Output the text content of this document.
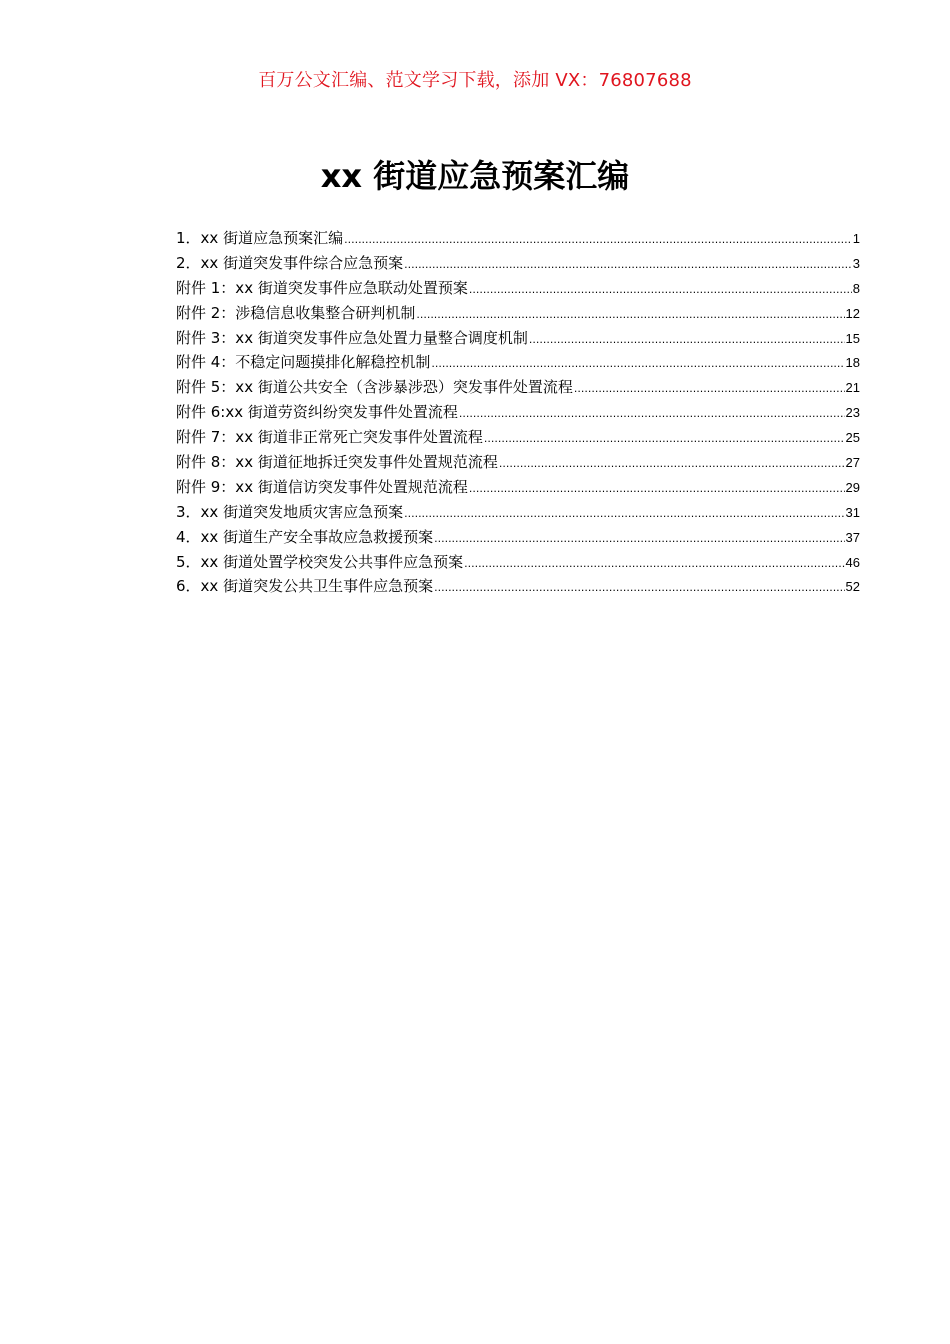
百万公文汇编、范文学习下载，添加 VX：76807688
xx 街道应急预案汇编
1．xx 街道应急预案汇编 .....	1
2．xx 街道突发事件综合应急预案 .....	3
附件 1：xx 街道突发事件应急联动处置预案 .....	8
附件 2：涉稳信息收集整合研判机制 .....	12
附件 3：xx 街道突发事件应急处置力量整合调度机制 .....	15
附件 4：不稳定问题摸排化解稳控机制 .....	18
附件 5：xx 街道公共安全（含涉暴涉恐）突发事件处置流程 .....	21
附件 6:xx 街道劳资纠纷突发事件处置流程 .....	23
附件 7：xx 街道非正常死亡突发事件处置流程 .....	25
附件 8：xx 街道征地拆迁突发事件处置规范流程 .....	27
附件 9：xx 街道信访突发事件处置规范流程 .....	29
3．xx 街道突发地质灾害应急预案 .....	31
4．xx 街道生产安全事故应急救援预案 .....	37
5．xx 街道处置学校突发公共事件应急预案 .....	46
6．xx 街道突发公共卫生事件应急预案 .....	52
